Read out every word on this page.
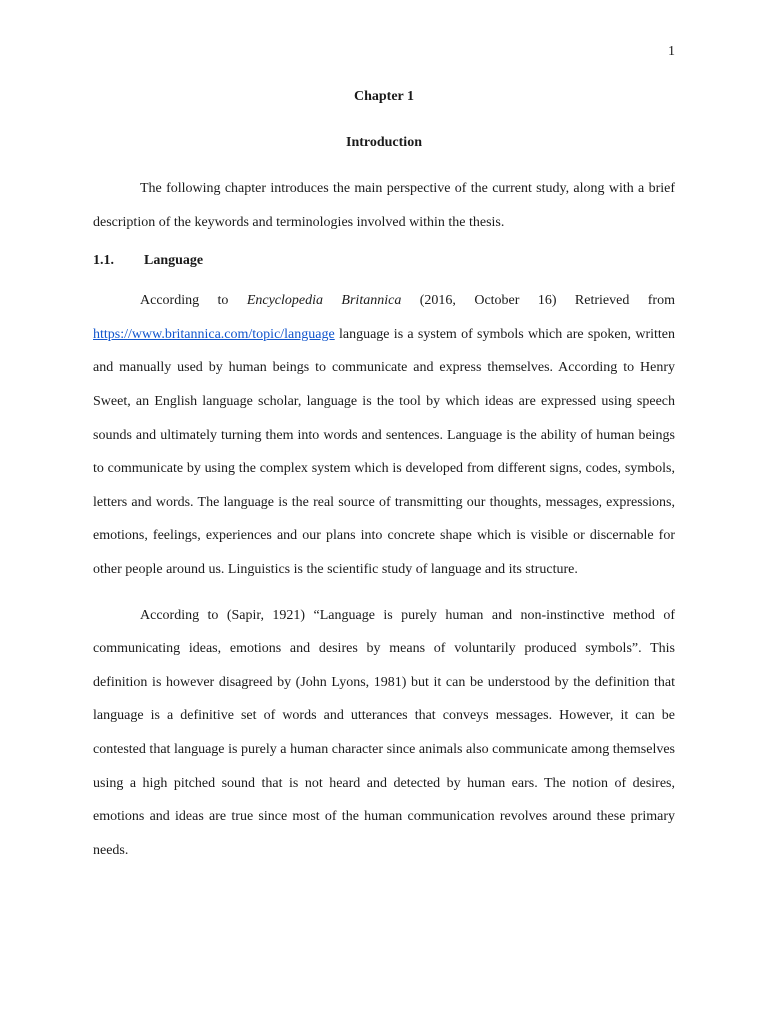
1
Chapter 1
Introduction

The following chapter introduces the main perspective of the current study, along with a brief description of the keywords and terminologies involved within the thesis.

1.1. Language

According to Encyclopedia Britannica (2016, October 16) Retrieved from https://www.britannica.com/topic/language language is a system of symbols which are spoken, written and manually used by human beings to communicate and express themselves. According to Henry Sweet, an English language scholar, language is the tool by which ideas are expressed using speech sounds and ultimately turning them into words and sentences. Language is the ability of human beings to communicate by using the complex system which is developed from different signs, codes, symbols, letters and words. The language is the real source of transmitting our thoughts, messages, expressions, emotions, feelings, experiences and our plans into concrete shape which is visible or discernable for other people around us. Linguistics is the scientific study of language and its structure.

According to (Sapir, 1921) “Language is purely human and non-instinctive method of communicating ideas, emotions and desires by means of voluntarily produced symbols”. This definition is however disagreed by (John Lyons, 1981) but it can be understood by the definition that language is a definitive set of words and utterances that conveys messages. However, it can be contested that language is purely a human character since animals also communicate among themselves using a high pitched sound that is not heard and detected by human ears. The notion of desires, emotions and ideas are true since most of the human communication revolves around these primary needs.
